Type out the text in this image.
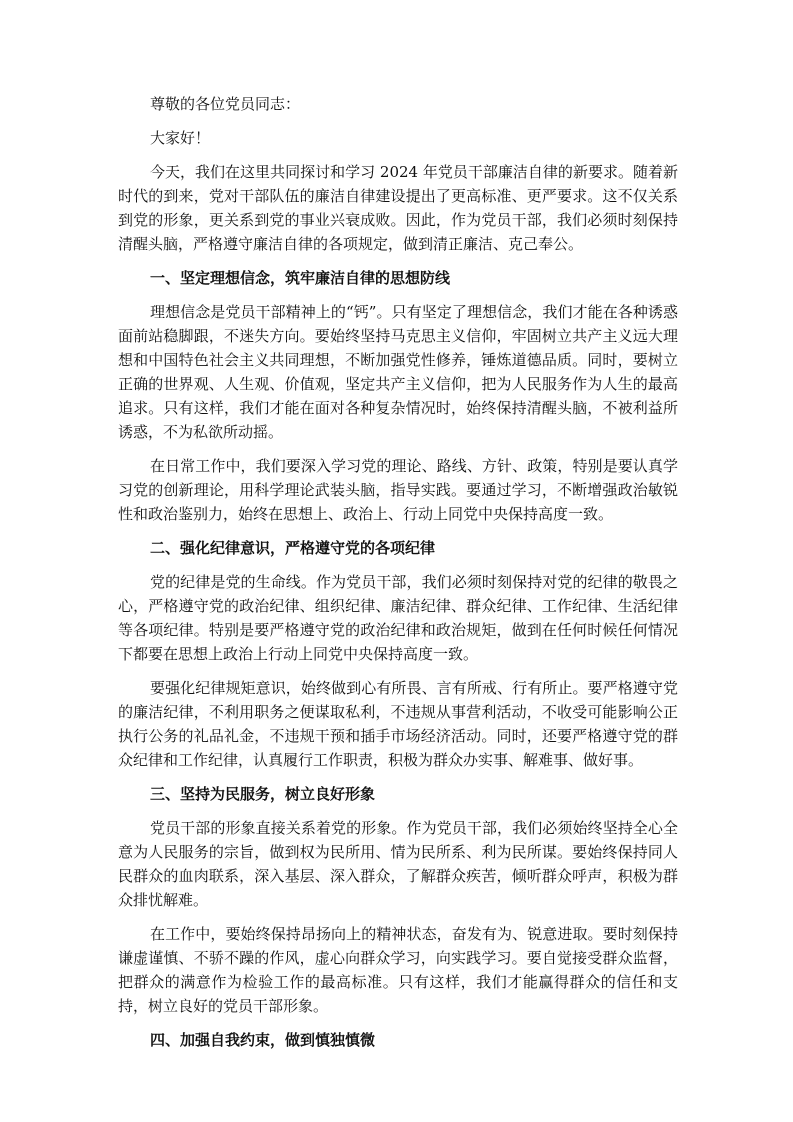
尊敬的各位党员同志：

大家好！

今天，我们在这里共同探讨和学习 2024 年党员干部廉洁自律的新要求。随着新时代的到来，党对干部队伍的廉洁自律建设提出了更高标准、更严要求。这不仅关系到党的形象，更关系到党的事业兴衰成败。因此，作为党员干部，我们必须时刻保持清醒头脑，严格遵守廉洁自律的各项规定，做到清正廉洁、克己奉公。

一、坚定理想信念，筑牢廉洁自律的思想防线

理想信念是党员干部精神上的“钙”。只有坚定了理想信念，我们才能在各种诱惑面前站稳脚跟，不迷失方向。要始终坚持马克思主义信仰，牢固树立共产主义远大理想和中国特色社会主义共同理想，不断加强党性修养，锤炼道德品质。同时，要树立正确的世界观、人生观、价值观，坚定共产主义信仰，把为人民服务作为人生的最高追求。只有这样，我们才能在面对各种复杂情况时，始终保持清醒头脑，不被利益所诱惑，不为私欲所动摇。

在日常工作中，我们要深入学习党的理论、路线、方针、政策，特别是要认真学习党的创新理论，用科学理论武装头脑，指导实践。要通过学习，不断增强政治敏锐性和政治鉴别力，始终在思想上、政治上、行动上同党中央保持高度一致。

二、强化纪律意识，严格遵守党的各项纪律

党的纪律是党的生命线。作为党员干部，我们必须时刻保持对党的纪律的敬畏之心，严格遵守党的政治纪律、组织纪律、廉洁纪律、群众纪律、工作纪律、生活纪律等各项纪律。特别是要严格遵守党的政治纪律和政治规矩，做到在任何时候任何情况下都要在思想上政治上行动上同党中央保持高度一致。

要强化纪律规矩意识，始终做到心有所畏、言有所戒、行有所止。要严格遵守党的廉洁纪律，不利用职务之便谋取私利，不违规从事营利活动，不收受可能影响公正执行公务的礼品礼金，不违规干预和插手市场经济活动。同时，还要严格遵守党的群众纪律和工作纪律，认真履行工作职责，积极为群众办实事、解难事、做好事。

三、坚持为民服务，树立良好形象

党员干部的形象直接关系着党的形象。作为党员干部，我们必须始终坚持全心全意为人民服务的宗旨，做到权为民所用、情为民所系、利为民所谋。要始终保持同人民群众的血肉联系，深入基层、深入群众，了解群众疾苦，倾听群众呼声，积极为群众排忧解难。

在工作中，要始终保持昂扬向上的精神状态，奋发有为、锐意进取。要时刻保持谦虚谨慎、不骄不躁的作风，虚心向群众学习，向实践学习。要自觉接受群众监督，把群众的满意作为检验工作的最高标准。只有这样，我们才能赢得群众的信任和支持，树立良好的党员干部形象。

四、加强自我约束，做到慎独慎微
